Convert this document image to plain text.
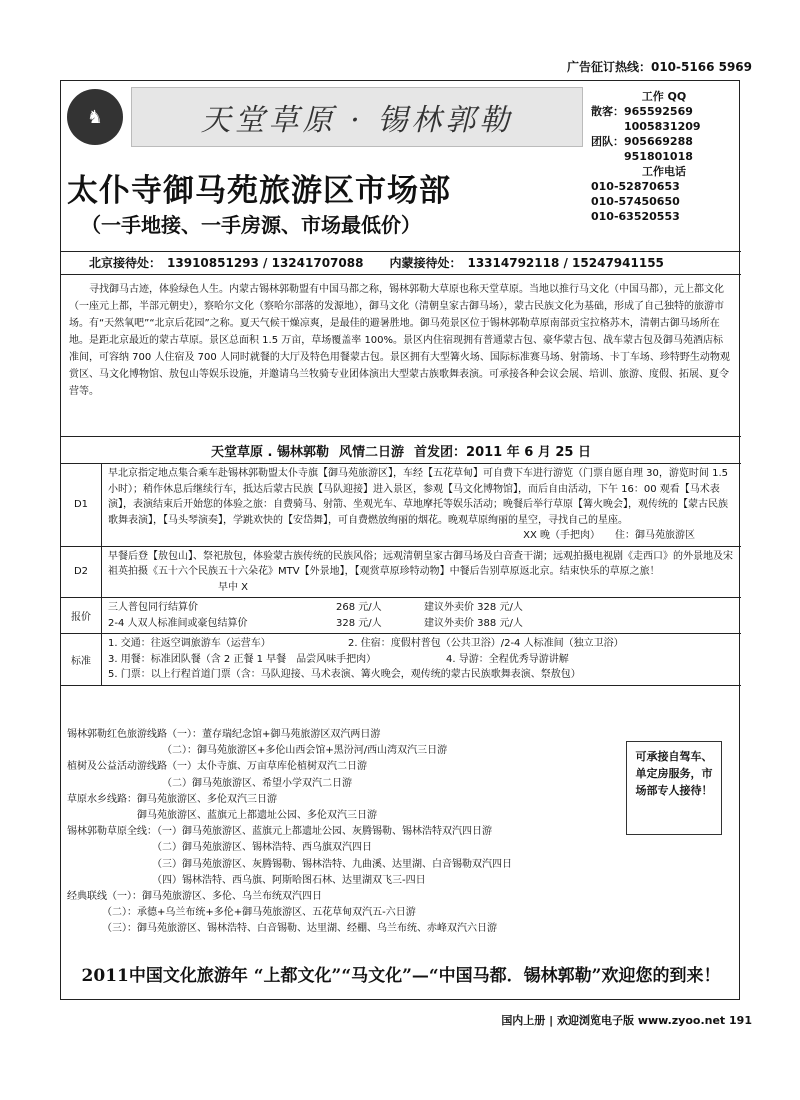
广告征订热线：010-5166 5969
♞	天堂草原 · 锡林郭勒
太仆寺御马苑旅游区市场部
（一手地接、一手房源、市场最低价）
工作 QQ
散客：965592569
1005831209
团队：905669288
951801018
工作电话
010-52870653
010-57450650
010-63520553
北京接待处： 13910851293 / 13241707088 内蒙接待处： 13314792118 / 15247941155
寻找御马古迹，体验绿色人生。内蒙古锡林郭勒盟有中国马都之称，锡林郭勒大草原也称天堂草原。当地以推行马文化（中国马都），元上都文化（一座元上都，半部元朝史），察哈尔文化（察哈尔部落的发源地），御马文化（清朝皇家古御马场），蒙古民族文化为基础，形成了自己独特的旅游市场。有“天然氧吧”“北京后花园”之称。夏天气候干燥凉爽，是最佳的避暑胜地。御马苑景区位于锡林郭勒草原南部贡宝拉格苏木，清朝古御马场所在地。是距北京最近的蒙古草原。景区总面积 1.5 万亩，草场覆盖率 100%。景区内住宿现拥有普通蒙古包、豪华蒙古包、战车蒙古包及御马苑酒店标准间，可容纳 700 人住宿及 700 人同时就餐的大厅及特色用餐蒙古包。景区拥有大型篝火场、国际标准赛马场、射箭场、卡丁车场、珍特野生动物观赏区、马文化博物馆、敖包山等娱乐设施，并邀请乌兰牧骑专业团体演出大型蒙古族歌舞表演。可承接各种会议会展、培训、旅游、度假、拓展、夏令营等。
天堂草原 . 锡林郭勒 风情二日游 首发团：2011 年 6 月 25 日
D1
早北京指定地点集合乘车赴锡林郭勒盟太仆寺旗【御马苑旅游区】，车经【五花草甸】可自费下车进行游览（门票自愿自理 30，游览时间 1.5 小时）；稍作休息后继续行车，抵达后蒙古民族【马队迎接】进入景区，参观【马文化博物馆】，而后自由活动，下午 16：00 观看【马术表演】，表演结束后开始您的体验之旅：自费骑马、射箭、坐观光车、草地摩托等娱乐活动；晚餐后举行草原【篝火晚会】，观传统的【蒙古民族歌舞表演】，【马头琴演奏】，学跳欢快的【安岱舞】，可自费燃放绚丽的烟花。晚观草原绚丽的星空，寻找自己的星座。
XX 晚（手把肉）　　 住：御马苑旅游区
D2
早餐后登【敖包山】、祭祀敖包，体验蒙古族传统的民族风俗；远观清朝皇家古御马场及白音查干湖；远观拍摄电视剧《走西口》的外景地及宋祖英拍摄《五十六个民族五十六朵花》MTV【外景地】，【观赏草原珍特动物】中餐后告别草原返北京。结束快乐的草原之旅！ 早中 X
报价
三人普包同行结算价	268 元/人	建议外卖价 328 元/人
2-4 人双人标准间或豪包结算价	328 元/人	建议外卖价 388 元/人
标准
1. 交通：往返空调旅游车（运营车）	2. 住宿：度假村普包（公共卫浴）/2-4 人标准间（独立卫浴）
3. 用餐：标准团队餐（含 2 正餐 1 早餐　品尝风味手把肉）	4. 导游：全程优秀导游讲解
5. 门票：以上行程首道门票（含：马队迎接、马术表演、篝火晚会，观传统的蒙古民族歌舞表演、祭敖包）
锡林郭勒红色旅游线路（一）：董存瑞纪念馆+御马苑旅游区双汽两日游
　　　　　　　　　　（二）：御马苑旅游区+多伦山西会馆+黑汾河/西山湾双汽三日游
植树及公益活动游线路（一）太仆寺旗、万亩草库伦植树双汽二日游
　　　　　　　　　　（二）御马苑旅游区、希望小学双汽二日游
草原水乡线路：御马苑旅游区、多伦双汽三日游
　　　　　　　御马苑旅游区、蓝旗元上都遗址公园、多伦双汽三日游
锡林郭勒草原全线：（一）御马苑旅游区、蓝旗元上都遗址公园、灰腾锡勒、锡林浩特双汽四日游
　　　　　　　　　（二）御马苑旅游区、锡林浩特、西乌旗双汽四日
　　　　　　　　　（三）御马苑旅游区、灰腾锡勒、锡林浩特、九曲溪、达里湖、白音锡勒双汽四日
　　　　　　　　　（四）锡林浩特、西乌旗、阿斯哈图石林、达里湖双飞三-四日
经典联线（一）：御马苑旅游区、多伦、乌兰布统双汽四日
　　　　（二）：承德+乌兰布统+多伦+御马苑旅游区、五花草甸双汽五-六日游
　　　　（三）：御马苑旅游区、锡林浩特、白音锡勒、达里湖、经棚、乌兰布统、赤峰双汽六日游
可承接自驾车、单定房服务，市场部专人接待！
2011中国文化旅游年 “上都文化”“马文化”—“中国马都．锡林郭勒”欢迎您的到来！
国内上册 | 欢迎浏览电子版 www.zyoo.net 191
